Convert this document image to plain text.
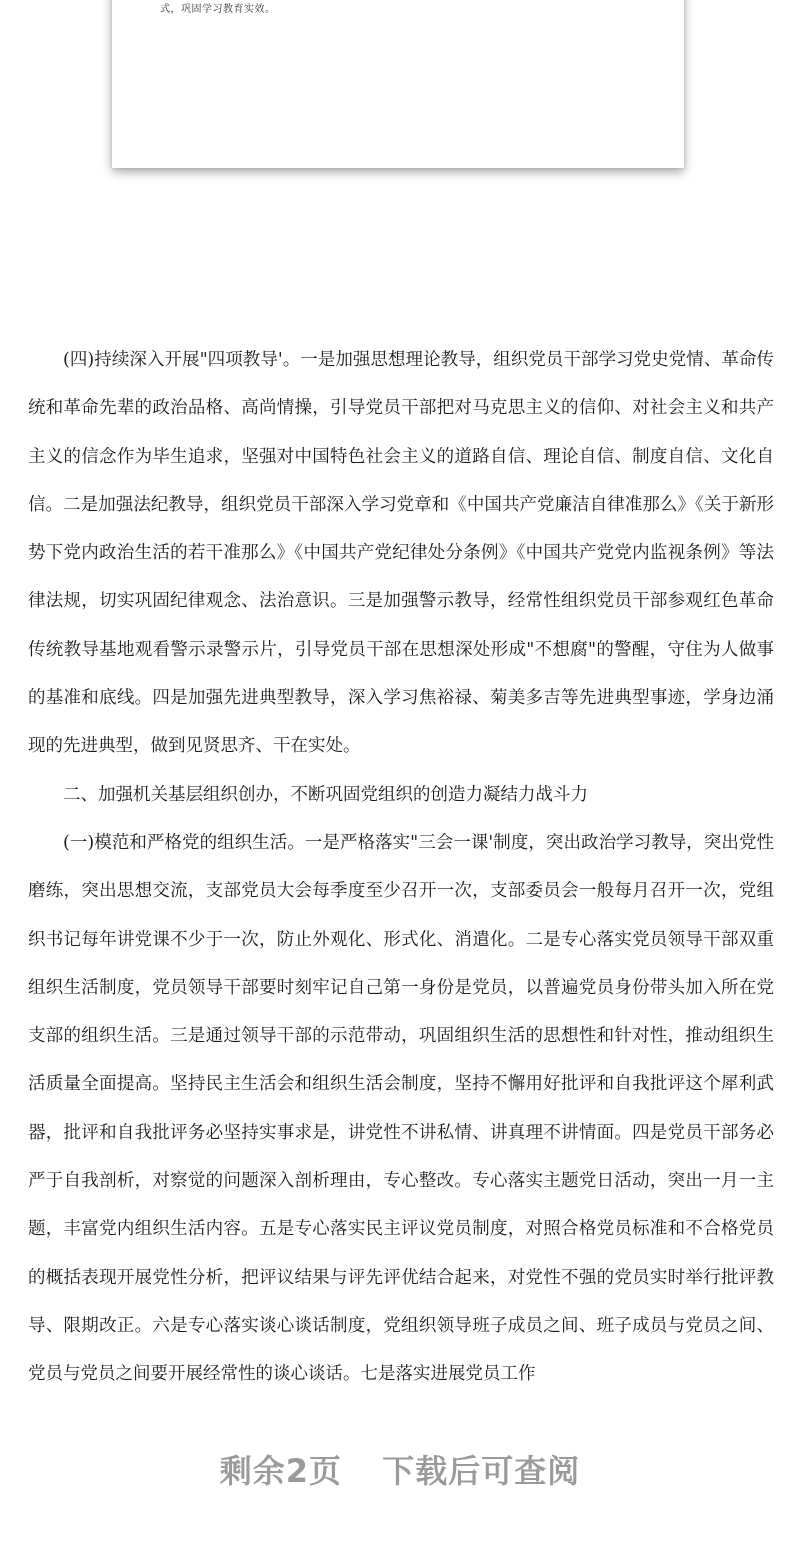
式，巩固学习教育实效。

(四)持续深入开展"四项教导'。一是加强思想理论教导，组织党员干部学习党史党情、革命传统和革命先辈的政治品格、高尚情操，引导党员干部把对马克思主义的信仰、对社会主义和共产主义的信念作为毕生追求，坚强对中国特色社会主义的道路自信、理论自信、制度自信、文化自信。二是加强法纪教导，组织党员干部深入学习党章和《中国共产党廉洁自律准那么》《关于新形势下党内政治生活的若干准那么》《中国共产党纪律处分条例》《中国共产党党内监视条例》等法律法规，切实巩固纪律观念、法治意识。三是加强警示教导，经常性组织党员干部参观红色革命传统教导基地观看警示录警示片，引导党员干部在思想深处形成"不想腐"的警醒，守住为人做事的基准和底线。四是加强先进典型教导，深入学习焦裕禄、菊美多吉等先进典型事迹，学身边涌现的先进典型，做到见贤思齐、干在实处。

二、加强机关基层组织创办，不断巩固党组织的创造力凝结力战斗力

(一)模范和严格党的组织生活。一是严格落实"三会一课'制度，突出政治学习教导，突出党性磨练，突出思想交流，支部党员大会每季度至少召开一次，支部委员会一般每月召开一次，党组织书记每年讲党课不少于一次，防止外观化、形式化、消遣化。二是专心落实党员领导干部双重组织生活制度，党员领导干部要时刻牢记自己第一身份是党员，以普遍党员身份带头加入所在党支部的组织生活。三是通过领导干部的示范带动，巩固组织生活的思想性和针对性，推动组织生活质量全面提高。坚持民主生活会和组织生活会制度，坚持不懈用好批评和自我批评这个犀利武器，批评和自我批评务必坚持实事求是，讲党性不讲私情、讲真理不讲情面。四是党员干部务必严于自我剖析，对察觉的问题深入剖析理由，专心整改。专心落实主题党日活动，突出一月一主题，丰富党内组织生活内容。五是专心落实民主评议党员制度，对照合格党员标准和不合格党员的概括表现开展党性分析，把评议结果与评先评优结合起来，对党性不强的党员实时举行批评教导、限期改正。六是专心落实谈心谈话制度，党组织领导班子成员之间、班子成员与党员之间、党员与党员之间要开展经常性的谈心谈话。七是落实进展党员工作

剩余2页 下载后可查阅
